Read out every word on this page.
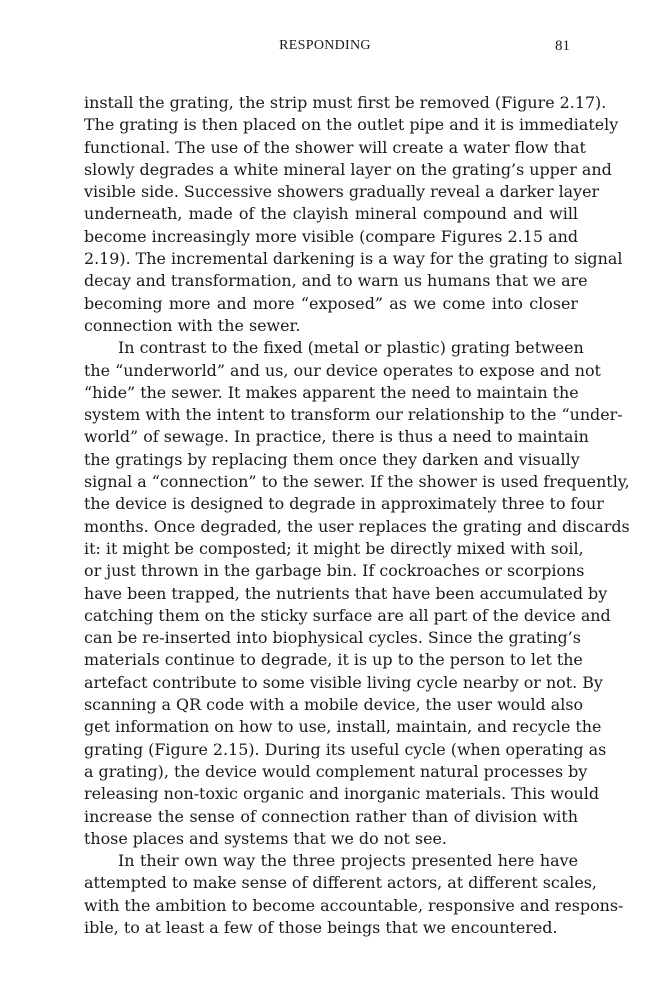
RESPONDING	81
install the grating, the strip must first be removed (Figure 2.17).
The grating is then placed on the outlet pipe and it is immediately
functional. The use of the shower will create a water flow that
slowly degrades a white mineral layer on the grating’s upper and
visible side. Successive showers gradually reveal a darker layer
underneath, made of the clayish mineral compound and will
become increasingly more visible (compare Figures 2.15 and
2.19). The incremental darkening is a way for the grating to signal
decay and transformation, and to warn us humans that we are
becoming more and more “exposed” as we come into closer
connection with the sewer.
In contrast to the fixed (metal or plastic) grating between
the “underworld” and us, our device operates to expose and not
“hide” the sewer. It makes apparent the need to maintain the
system with the intent to transform our relationship to the “under-
world” of sewage. In practice, there is thus a need to maintain
the gratings by replacing them once they darken and visually
signal a “connection” to the sewer. If the shower is used frequently,
the device is designed to degrade in approximately three to four
months. Once degraded, the user replaces the grating and discards
it: it might be composted; it might be directly mixed with soil,
or just thrown in the garbage bin. If cockroaches or scorpions
have been trapped, the nutrients that have been accumulated by
catching them on the sticky surface are all part of the device and
can be re-inserted into biophysical cycles. Since the grating’s
materials continue to degrade, it is up to the person to let the
artefact contribute to some visible living cycle nearby or not. By
scanning a QR code with a mobile device, the user would also
get information on how to use, install, maintain, and recycle the
grating (Figure 2.15). During its useful cycle (when operating as
a grating), the device would complement natural processes by
releasing non-toxic organic and inorganic materials. This would
increase the sense of connection rather than of division with
those places and systems that we do not see.
In their own way the three projects presented here have
attempted to make sense of different actors, at different scales,
with the ambition to become accountable, responsive and respons-
ible, to at least a few of those beings that we encountered.
